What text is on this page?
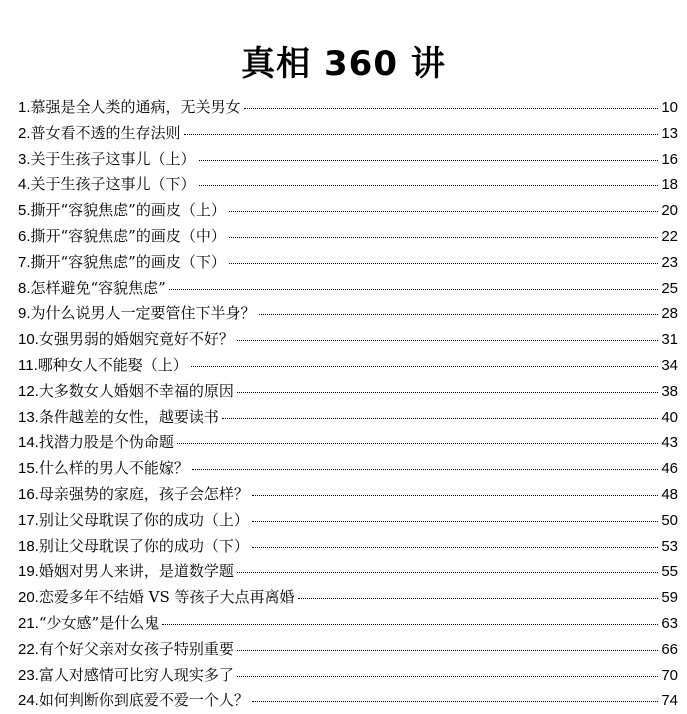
真相 360 讲
1. 慕强是全人类的通病，无关男女	10
2. 普女看不透的生存法则	13
3. 关于生孩子这事儿（上）	16
4. 关于生孩子这事儿（下）	18
5. 撕开“容貌焦虑”的画皮（上）	20
6. 撕开“容貌焦虑”的画皮（中）	22
7. 撕开“容貌焦虑”的画皮（下）	23
8. 怎样避免“容貌焦虑”	25
9. 为什么说男人一定要管住下半身？	28
10. 女强男弱的婚姻究竟好不好？	31
11. 哪种女人不能娶（上）	34
12. 大多数女人婚姻不幸福的原因	38
13. 条件越差的女性，越要读书	40
14. 找潜力股是个伪命题	43
15. 什么样的男人不能嫁？	46
16. 母亲强势的家庭，孩子会怎样？	48
17. 别让父母耽误了你的成功（上）	50
18. 别让父母耽误了你的成功（下）	53
19. 婚姻对男人来讲，是道数学题	55
20. 恋爱多年不结婚 VS 等孩子大点再离婚	59
21. “少女感”是什么鬼	63
22. 有个好父亲对女孩子特别重要	66
23. 富人对感情可比穷人现实多了	70
24. 如何判断你到底爱不爱一个人？	74
